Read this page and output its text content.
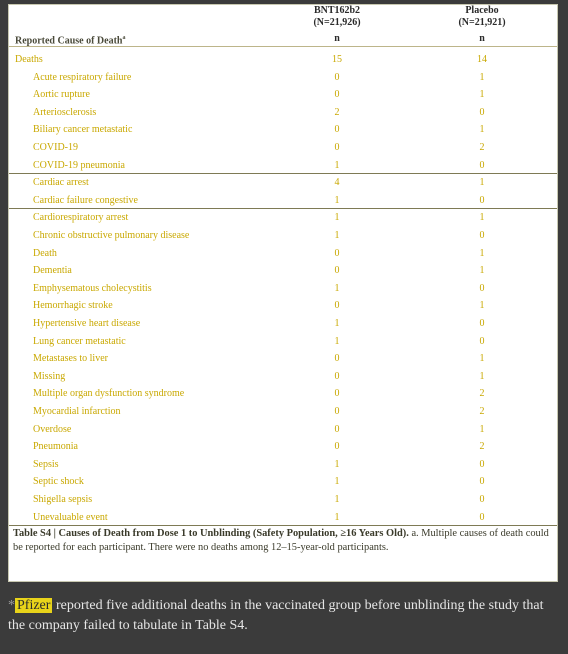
BNT162b2
(N=21,926)
n
Placebo
(N=21,921)
n
Reported Cause of Death$^a$
Deaths	15	14
Acute respiratory failure	0	1
Aortic rupture	0	1
Arteriosclerosis	2	0
Biliary cancer metastatic	0	1
COVID-19	0	2
COVID-19 pneumonia	1	0
Cardiac arrest	4	1
Cardiac failure congestive	1	0
Cardiorespiratory arrest	1	1
Chronic obstructive pulmonary disease	1	0
Death	0	1
Dementia	0	1
Emphysematous cholecystitis	1	0
Hemorrhagic stroke	0	1
Hypertensive heart disease	1	0
Lung cancer metastatic	1	0
Metastases to liver	0	1
Missing	0	1
Multiple organ dysfunction syndrome	0	2
Myocardial infarction	0	2
Overdose	0	1
Pneumonia	0	2
Sepsis	1	0
Septic shock	1	0
Shigella sepsis	1	0
Unevaluable event	1	0
Table S4 | Causes of Death from Dose 1 to Unblinding (Safety Population, ≥16 Years Old). a. Multiple causes of death could be reported for each participant. There were no deaths among 12–15-year-old participants.
* Pfizer reported five additional deaths in the vaccinated group before unblinding the study that the company failed to tabulate in Table S4.
